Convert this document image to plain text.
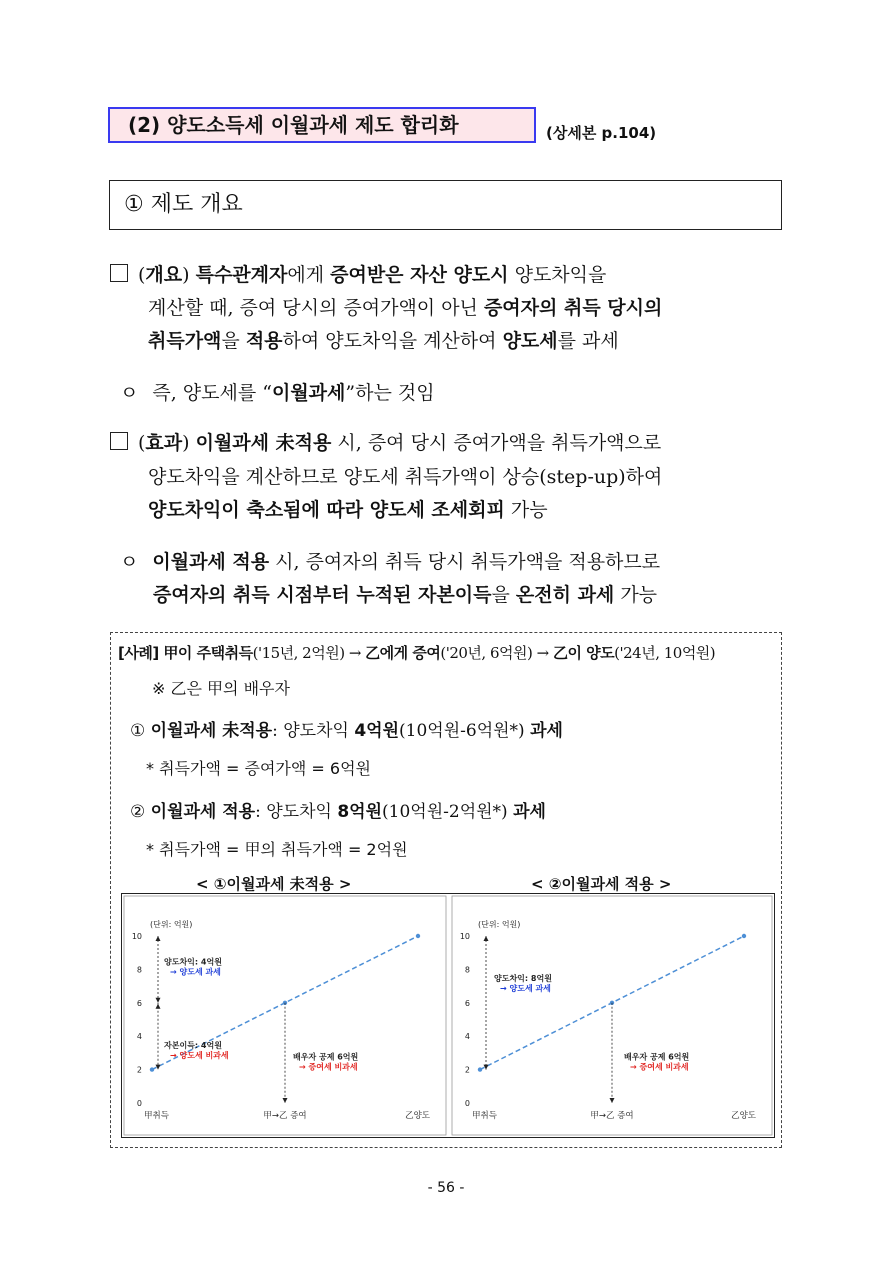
(2) 양도소득세 이월과세 제도 합리화	(상세본 p.104)
① 제도 개요
(개요) 특수관계자에게 증여받은 자산 양도시 양도차익을
계산할 때, 증여 당시의 증여가액이 아닌 증여자의 취득 당시의
취득가액을 적용하여 양도차익을 계산하여 양도세를 과세
ㅇ 즉, 양도세를 “이월과세”하는 것임
(효과) 이월과세 未적용 시, 증여 당시 증여가액을 취득가액으로
양도차익을 계산하므로 양도세 취득가액이 상승(step‑up)하여
양도차익이 축소됨에 따라 양도세 조세회피 가능
ㅇ 이월과세 적용 시, 증여자의 취득 당시 취득가액을 적용하므로
증여자의 취득 시점부터 누적된 자본이득을 온전히 과세 가능
[사례] 甲이 주택취득('15년, 2억원) → 乙에게 증여('20년, 6억원) → 乙이 양도('24년, 10억원)
※ 乙은 甲의 배우자
① 이월과세 未적용: 양도차익 4억원(10억원-6억원*) 과세
* 취득가액 = 증여가액 = 6억원
② 이월과세 적용: 양도차익 8억원(10억원-2억원*) 과세
* 취득가액 = 甲의 취득가액 = 2억원
< ①이월과세 未적용 >	< ②이월과세 적용 >
(단위: 억원)
0
2
4
6
8
10
甲취득	甲→乙 증여	乙양도
양도차익: 4억원
→ 양도세 과세
자본이득: 4억원
→ 양도세 비과세	배우자 공제 6억원
→ 증여세 비과세
(단위: 억원)
0
2
4
6
8
10
甲취득	甲→乙 증여	乙양도
양도차익: 8억원
→ 양도세 과세
배우자 공제 6억원
→ 증여세 비과세
- 56 -
